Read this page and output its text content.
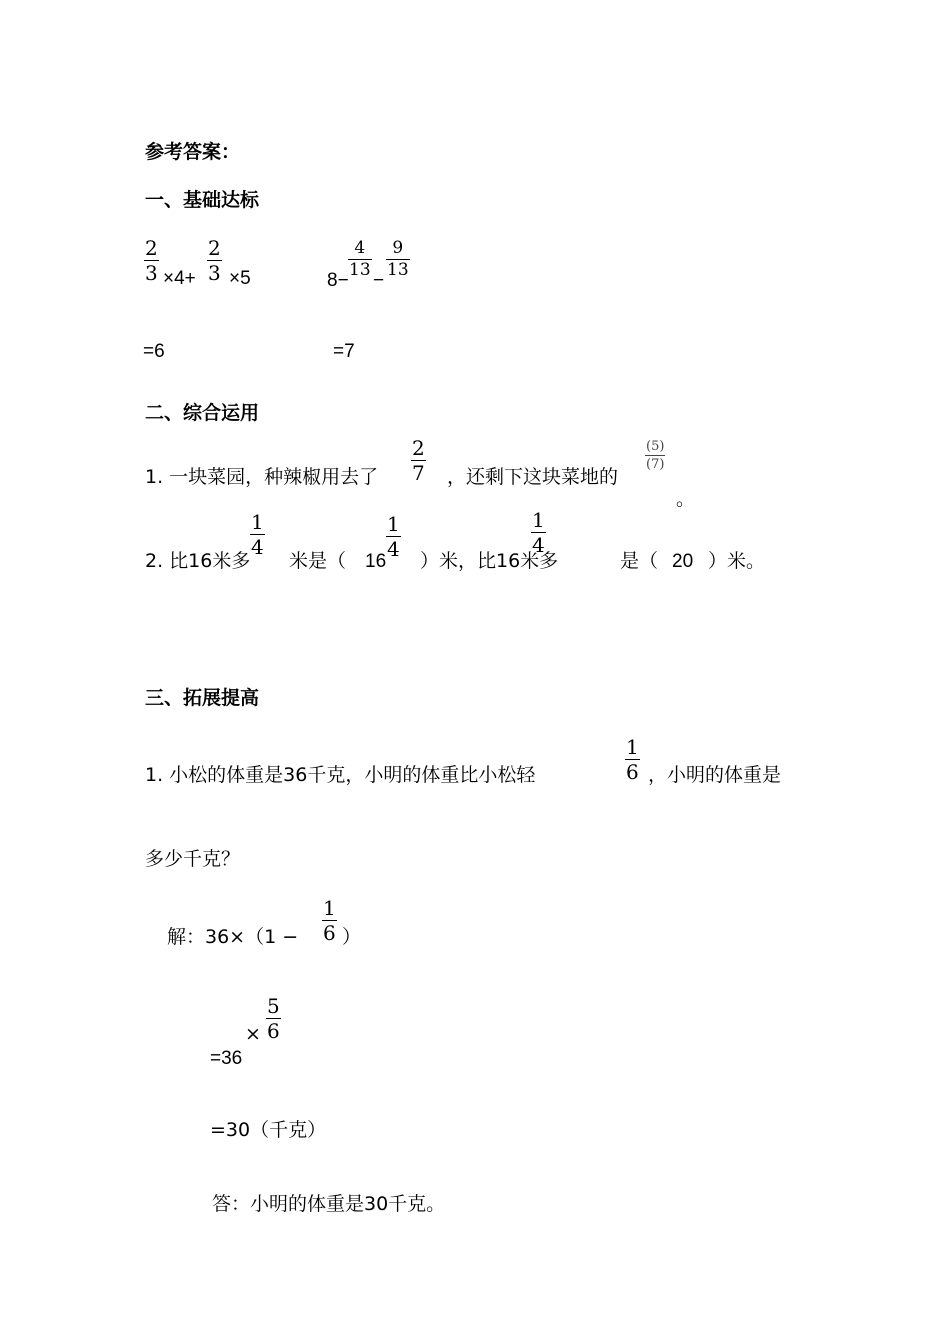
参考答案：
一、基础达标
2
3 ×4+
2
3 ×5	8−
4
13 −
9
13
=6	=7
二、综合运用
1. 一块菜园，种辣椒用去了
2
7 ，还剩下这块菜地的
(5)
(7)
。
2. 比16米多
1
4
米是（ 16
1
4 ）米，比16米多
1
4
是（ 20 ）米。
三、拓展提高
1. 小松的体重是36千克，小明的体重比小松轻
1
6 ，小明的体重是
多少千克？
解：36×（1 −
1
6 ）
×
5
6
=36
=30（千克）
答：小明的体重是30千克。
